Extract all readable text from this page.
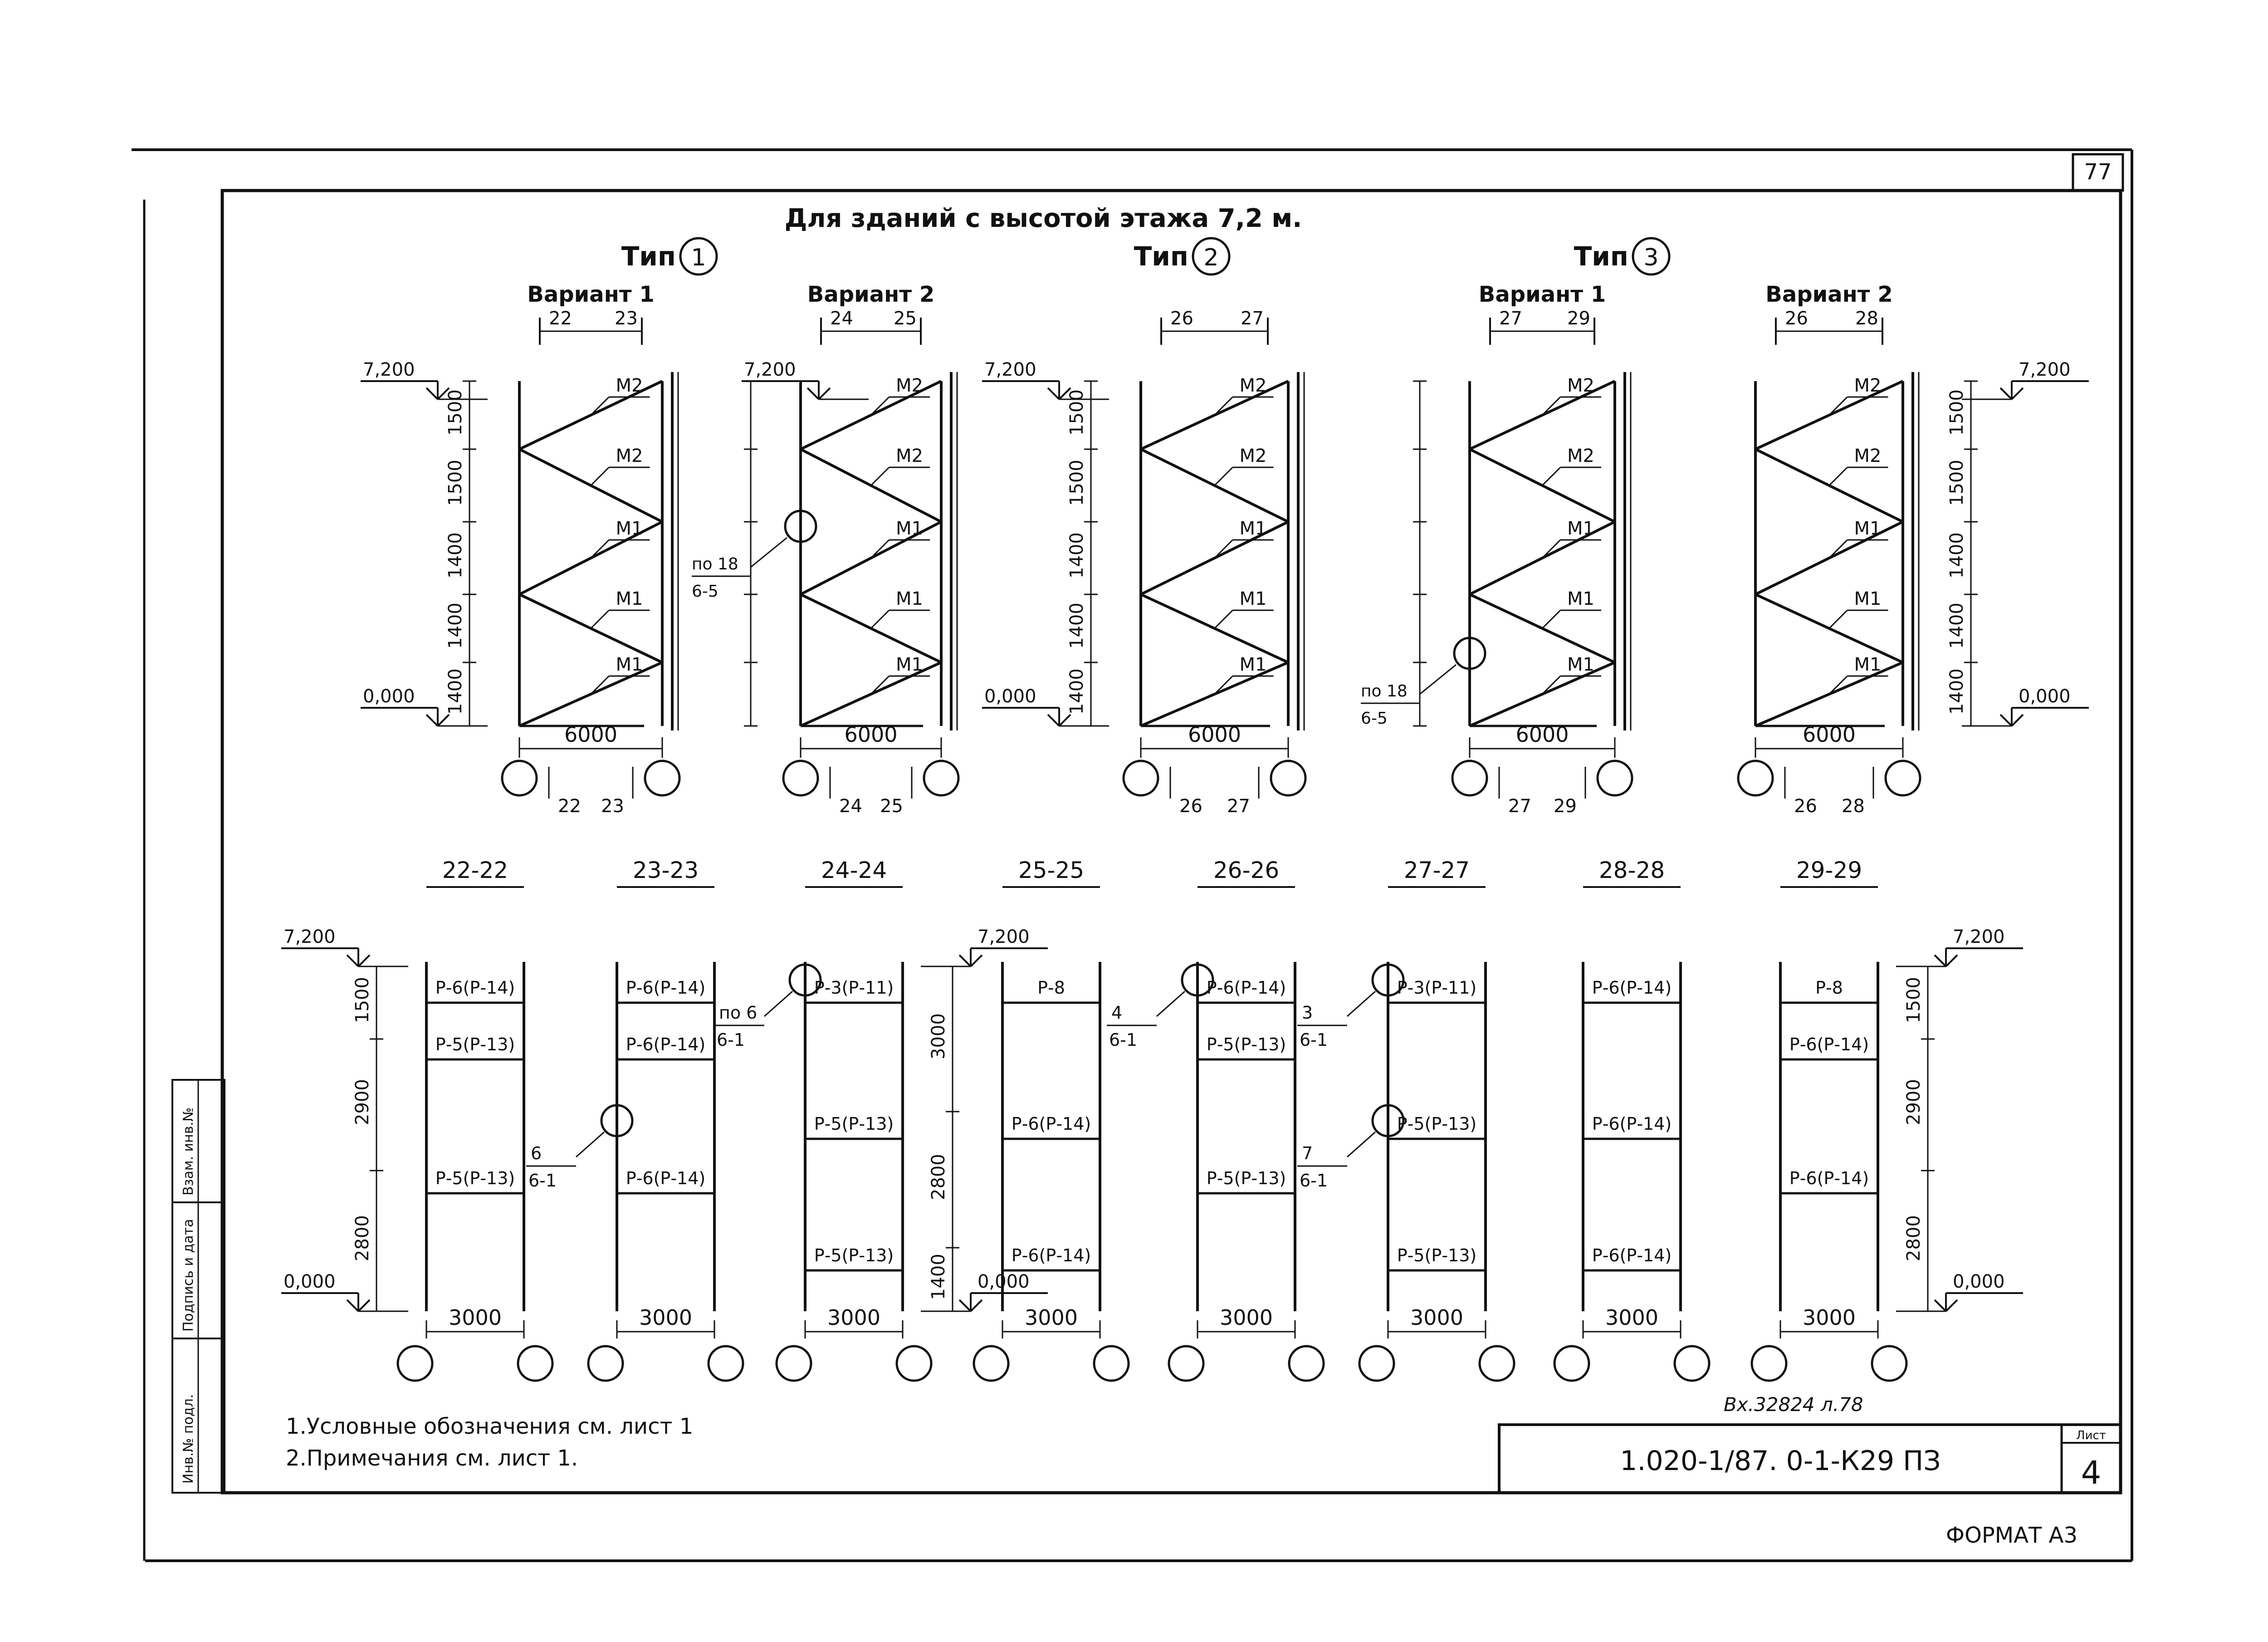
77
Для зданий с высотой этажа 7,2 м.
Тип 1	Тип 2	Тип 3
Вариант 1
22 23
М2
М2
М1
М1
М1
6000
22 23
1500
1500
1400
1400
1400
7,200
0,000
Вариант 2
24 25
М2
М2
М1
М1
М1
6000
24 25
7,200
по 18
6-5
26	27
М2
М2
М1
М1
М1
6000
26 27
1500
1500
1400
1400
1400
7,200
0,000
Вариант 1
27 29
М2
М2
М1
М1
М1
6000
27 29
по 18
6-5
Вариант 2
26	28
М2
М2
М1
М1
М1
6000
26 28
1500
1500
1400
1400
1400
7,200
0,000
22-22
Р-6(Р-14)
Р-5(Р-13)
Р-5(Р-13)
3000
1500
2900
2800
7,200
0,000
23-23
Р-6(Р-14)
Р-6(Р-14)
Р-6(Р-14)
3000
6
6-1
24-24
Р-3(Р-11)
Р-5(Р-13)
Р-5(Р-13)
3000
3000
2800
1400
7,200
0,000
по 6
6-1
25-25
Р-8
Р-6(Р-14)
Р-6(Р-14)
3000
26-26
Р-6(Р-14)
Р-5(Р-13)
Р-5(Р-13)
3000
4
6-1
27-27
Р-3(Р-11)
Р-5(Р-13)
Р-5(Р-13)
3000
3
6-1
7
6-1
28-28
Р-6(Р-14)
Р-6(Р-14)
Р-6(Р-14)
3000
29-29
Р-8
Р-6(Р-14)
Р-6(Р-14)
3000
1500
2900
2800
7,200
0,000
Инв.№ подл.
Подпись и дата
Взам. инв.№
1.Условные обозначения см. лист 1
2.Примечания см. лист 1.
Вх.32824 л.78
1.020-1/87. 0-1-К29 ПЗ
Лист
4
ФОРМАТ А3
